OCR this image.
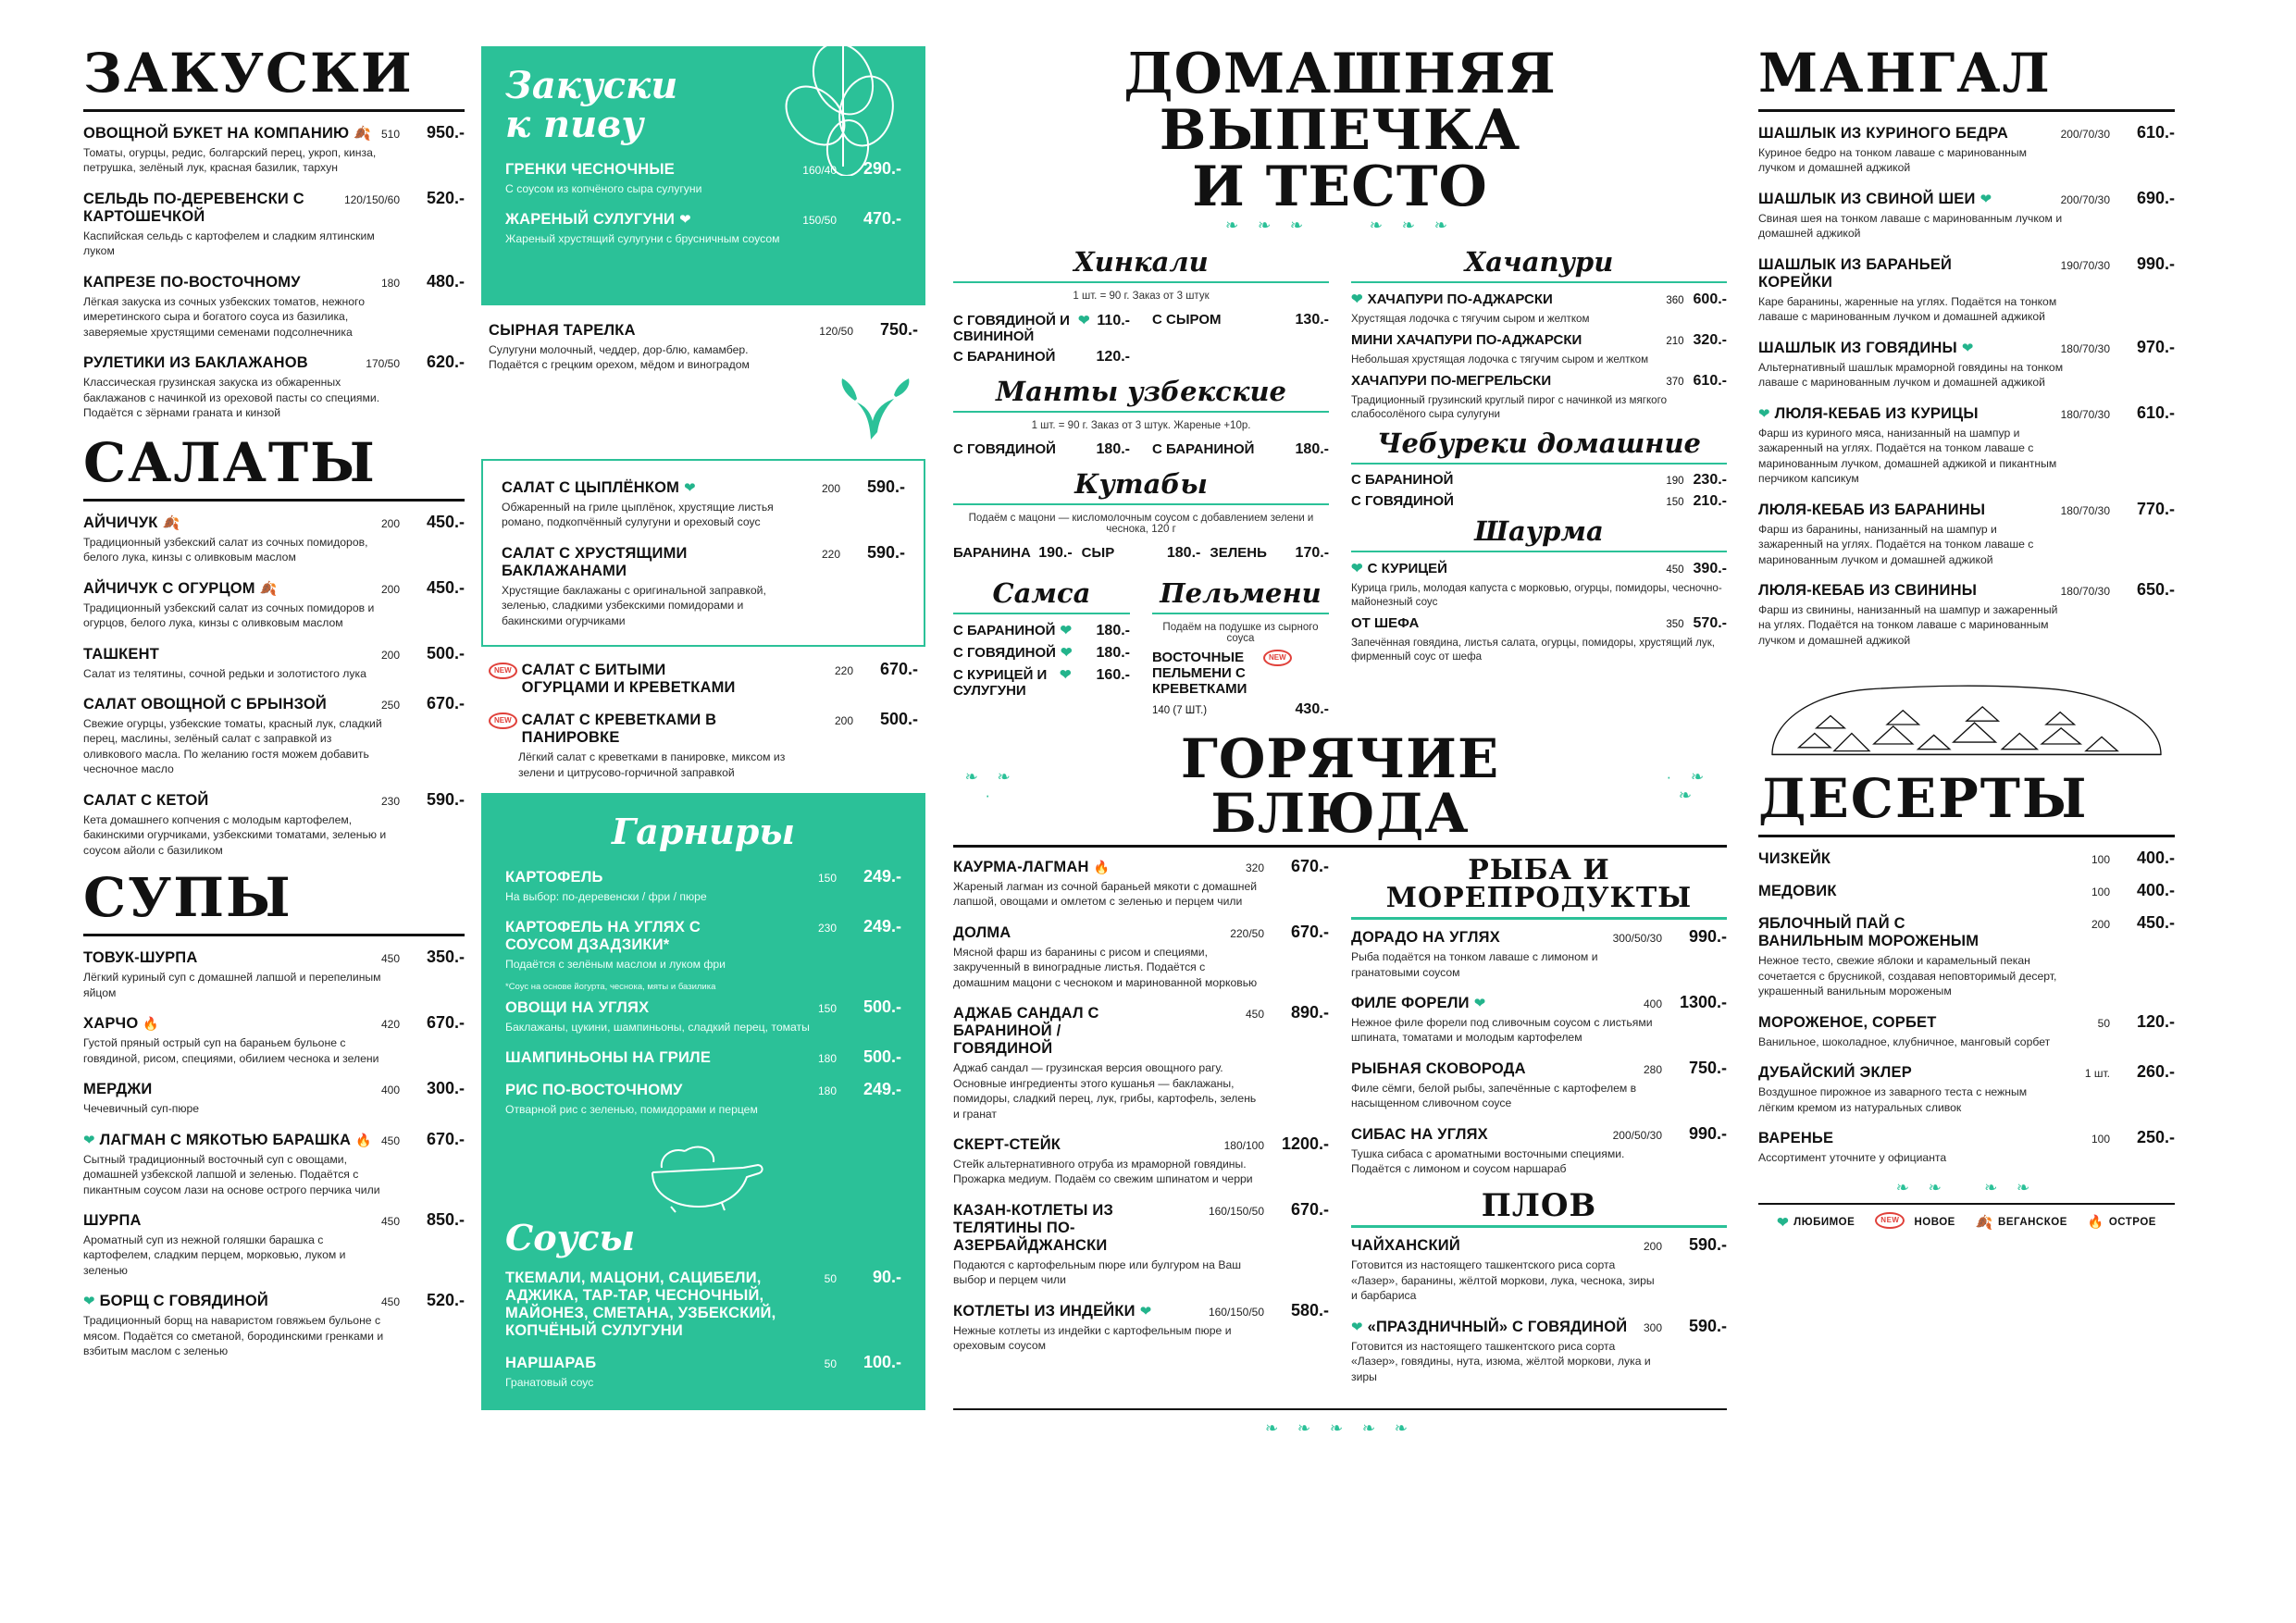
ЗАКУСКИ
ОВОЩНОЙ БУКЕТ НА КОМПАНИЮ 🍂 510	950.-
Томаты, огурцы, редис, болгарский перец, укроп, кинза, петрушка, зелёный лук, красная базилик, тархун
СЕЛЬДЬ ПО-ДЕРЕВЕНСКИ С КАРТОШЕЧКОЙ
120/150/60	520.-
Каспийская сельдь с картофелем и сладким ялтинским луком
КАПРЕЗЕ ПО-ВОСТОЧНОМУ	180	480.-
Лёгкая закуска из сочных узбекских томатов, нежного имеретинского сыра и богатого соуса из базилика, заверяемые хрустящими семенами подсолнечника
РУЛЕТИКИ ИЗ БАКЛАЖАНОВ	170/50	620.-
Классическая грузинская закуска из обжаренных баклажанов с начинкой из ореховой пасты со специями. Подаётся с зёрнами граната и кинзой
САЛАТЫ
АЙЧИЧУК 🍂	200	450.-
Традиционный узбекский салат из сочных помидоров, белого лука, кинзы с оливковым маслом
АЙЧИЧУК С ОГУРЦОМ 🍂	200	450.-
Традиционный узбекский салат из сочных помидоров и огурцов, белого лука, кинзы с оливковым маслом
ТАШКЕНТ	200	500.-
Салат из телятины, сочной редьки и золотистого лука
САЛАТ ОВОЩНОЙ С БРЫНЗОЙ	250	670.-
Свежие огурцы, узбекские томаты, красный лук, сладкий перец, маслины, зелёный салат с заправкой из оливкового масла. По желанию гостя можем добавить чесночное масло
САЛАТ С КЕТОЙ	230	590.-
Кета домашнего копчения с молодым картофелем, бакинскими огурчиками, узбекскими томатами, зеленью и соусом айоли с базиликом
СУПЫ
ТОВУК-ШУРПА	450	350.-
Лёгкий куриный суп с домашней лапшой и перепелиным яйцом
ХАРЧО 🔥	420	670.-
Густой пряный острый суп на бараньем бульоне с говядиной, рисом, специями, обилием чеснока и зелени
МЕРДЖИ	400	300.-
Чечевичный суп-пюре
❤ ЛАГМАН С МЯКОТЬЮ БАРАШКА 🔥 450	670.-
Сытный традиционный восточный суп с овощами, домашней узбекской лапшой и зеленью. Подаётся с пикантным соусом лази на основе острого перчика чили
ШУРПА	450	850.-
Ароматный суп из нежной голяшки барашка с картофелем, сладким перцем, морковью, луком и зеленью
❤ БОРЩ С ГОВЯДИНОЙ	450	520.-
Традиционный борщ на наваристом говяжьем бульоне с мясом. Подаётся со сметаной, бородинскими гренками и взбитым маслом с зеленью
Закуски
к пиву
ГРЕНКИ ЧЕСНОЧНЫЕ	160/40	290.-
С соусом из копчёного сыра сулугуни
ЖАРЕНЫЙ СУЛУГУНИ ❤	150/50	470.-
Жареный хрустящий сулугуни с брусничным соусом
СЫРНАЯ ТАРЕЛКА	120/50	750.-
Сулугуни молочный, чеддер, дор-блю, камамбер. Подаётся с грецким орехом, мёдом и виноградом
САЛАТ С ЦЫПЛЁНКОМ ❤	200	590.-
Обжаренный на гриле цыплёнок, хрустящие листья романо, подкопчённый сулугуни и ореховый соус
САЛАТ С ХРУСТЯЩИМИ БАКЛАЖАНАМИ
220	590.-
Хрустящие баклажаны с оригинальной заправкой, зеленью, сладкими узбекскими помидорами и бакинскими огурчиками
NEW САЛАТ С БИТЫМИ ОГУРЦАМИ И КРЕВЕТКАМИ
220	670.-
NEW САЛАТ С КРЕВЕТКАМИ В ПАНИРОВКЕ
200	500.-
Лёгкий салат с креветками в панировке, миксом из зелени и цитрусово-горчичной заправкой
Гарниры
КАРТОФЕЛЬ	150	249.-
На выбор: по-деревенски / фри / пюре
КАРТОФЕЛЬ НА УГЛЯХ С СОУСОМ ДЗАДЗИКИ*
230	249.-
Подаётся с зелёным маслом и луком фри
*Соус на основе йогурта, чеснока, мяты и базилика
ОВОЩИ НА УГЛЯХ	150	500.-
Баклажаны, цукини, шампиньоны, сладкий перец, томаты
ШАМПИНЬОНЫ НА ГРИЛЕ	180	500.-
РИС ПО-ВОСТОЧНОМУ	180	249.-
Отварной рис с зеленью, помидорами и перцем
Соусы
ТКЕМАЛИ, МАЦОНИ, САЦИБЕЛИ, АДЖИКА, ТАР-ТАР, ЧЕСНОЧНЫЙ, МАЙОНЕЗ, СМЕТАНА, УЗБЕКСКИЙ, КОПЧЁНЫЙ СУЛУГУНИ
50	90.-
НАРШАРАБ	50	100.-
Гранатовый соус
ДОМАШНЯЯ ВЫПЕЧКА
И ТЕСТО
❧ ❧ ❧     ❧ ❧ ❧
Хинкали
1 шт. = 90 г. Заказ от 3 штук
С ГОВЯДИНОЙ И СВИНИНОЙ
❤ 110.-
С БАРАНИНОЙ	120.-
С СЫРОМ	130.-
Манты узбекские
1 шт. = 90 г. Заказ от 3 штук. Жареные +10р.
С ГОВЯДИНОЙ	180.- С БАРАНИНОЙ	180.-
Кутабы
Подаём с мацони — кисломолочным соусом с добавлением зелени и чеснока, 120 г
БАРАНИНА 190.- СЫР	180.- ЗЕЛЕНЬ 170.-
Самса
С БАРАНИНОЙ ❤ 180.-
С ГОВЯДИНОЙ ❤ 180.-
С КУРИЦЕЙ И СУЛУГУНИ
❤ 160.-
Пельмени
Подаём на подушке из сырного соуса
ВОСТОЧНЫЕ ПЕЛЬМЕНИ С КРЕВЕТКАМИ
NEW
140 (7 ШТ.)	430.-
Хачапури
❤ ХАЧАПУРИ ПО-АДЖАРСКИ	360 600.-
Хрустящая лодочка с тягучим сыром и желтком
МИНИ ХАЧАПУРИ ПО-АДЖАРСКИ	210 320.-
Небольшая хрустящая лодочка с тягучим сыром и желтком
ХАЧАПУРИ ПО-МЕГРЕЛЬСКИ	370 610.-
Традиционный грузинский круглый пирог с начинкой из мягкого слабосолёного сыра сулугуни
Чебуреки домашние
С БАРАНИНОЙ	190 230.-
С ГОВЯДИНОЙ	150 210.-
Шаурма
❤ С КУРИЦЕЙ	450 390.-
Курица гриль, молодая капуста с морковью, огурцы, помидоры, чесночно-майонезный соус
ОТ ШЕФА	350 570.-
Запечённая говядина, листья салата, огурцы, помидоры, хрустящий лук, фирменный соус от шефа
❧ ❧ ·
ГОРЯЧИЕ БЛЮДА
· ❧ ❧
КАУРМА-ЛАГМАН 🔥	320	670.-
Жареный лагман из сочной бараньей мякоти с домашней лапшой, овощами и омлетом с зеленью и перцем чили
ДОЛМА	220/50	670.-
Мясной фарш из баранины с рисом и специями, закрученный в виноградные листья. Подаётся с домашним мацони с чесноком и маринованной морковью
АДЖАБ САНДАЛ С БАРАНИНОЙ / ГОВЯДИНОЙ
450	890.-
Аджаб сандал — грузинская версия овощного рагу. Основные ингредиенты этого кушанья — баклажаны, помидоры, сладкий перец, лук, грибы, картофель, зелень и гранат
СКЕРТ-СТЕЙК	180/100	1200.-
Стейк альтернативного отруба из мраморной говядины. Прожарка медиум. Подаём со свежим шпинатом и черри
КАЗАН-КОТЛЕТЫ ИЗ ТЕЛЯТИНЫ ПО-АЗЕРБАЙДЖАНСКИ
160/150/50	670.-
Подаются с картофельным пюре или булгуром на Ваш выбор и перцем чили
КОТЛЕТЫ ИЗ ИНДЕЙКИ ❤	160/150/50	580.-
Нежные котлеты из индейки с картофельным пюре и ореховым соусом
РЫБА И МОРЕПРОДУКТЫ
ДОРАДО НА УГЛЯХ	300/50/30	990.-
Рыба подаётся на тонком лаваше с лимоном и гранатовыми соусом
ФИЛЕ ФОРЕЛИ ❤	400	1300.-
Нежное филе форели под сливочным соусом с листьями шпината, томатами и молодым картофелем
РЫБНАЯ СКОВОРОДА	280	750.-
Филе сёмги, белой рыбы, запечённые с картофелем в насыщенном сливочном соусе
СИБАС НА УГЛЯХ	200/50/30	990.-
Тушка сибаса с ароматными восточными специями. Подаётся с лимоном и соусом наршараб
ПЛОВ
ЧАЙХАНСКИЙ	200	590.-
Готовится из настоящего ташкентского риса сорта «Лазер», баранины, жёлтой моркови, лука, чеснока, зиры и барбариса
❤ «ПРАЗДНИЧНЫЙ» С ГОВЯДИНОЙ 300	590.-
Готовится из настоящего ташкентского риса сорта «Лазер», говядины, нута, изюма, жёлтой моркови, лука и зиры
❧ ❧ ❧ ❧ ❧
МАНГАЛ
ШАШЛЫК ИЗ КУРИНОГО БЕДРА	200/70/30	610.-
Куриное бедро на тонком лаваше с маринованным лучком и домашней аджикой
ШАШЛЫК ИЗ СВИНОЙ ШЕИ ❤	200/70/30	690.-
Свиная шея на тонком лаваше с маринованным лучком и домашней аджикой
ШАШЛЫК ИЗ БАРАНЬЕЙ КОРЕЙКИ
190/70/30	990.-
Каре баранины, жаренные на углях. Подаётся на тонком лаваше с маринованным лучком и домашней аджикой
ШАШЛЫК ИЗ ГОВЯДИНЫ ❤	180/70/30	970.-
Альтернативный шашлык мраморной говядины на тонком лаваше с маринованным лучком и домашней аджикой
❤ ЛЮЛЯ-КЕБАБ ИЗ КУРИЦЫ	180/70/30	610.-
Фарш из куриного мяса, нанизанный на шампур и зажаренный на углях. Подаётся на тонком лаваше с маринованным лучком, домашней аджикой и пикантным перчиком капсикум
ЛЮЛЯ-КЕБАБ ИЗ БАРАНИНЫ	180/70/30	770.-
Фарш из баранины, нанизанный на шампур и зажаренный на углях. Подаётся на тонком лаваше с маринованным лучком и домашней аджикой
ЛЮЛЯ-КЕБАБ ИЗ СВИНИНЫ	180/70/30	650.-
Фарш из свинины, нанизанный на шампур и зажаренный на углях. Подаётся на тонком лаваше с маринованным лучком и домашней аджикой
ДЕСЕРТЫ
ЧИЗКЕЙК	100	400.-
МЕДОВИК	100	400.-
ЯБЛОЧНЫЙ ПАЙ С ВАНИЛЬНЫМ МОРОЖЕНЫМ
200	450.-
Нежное тесто, свежие яблоки и карамельный пекан сочетается с брусникой, создавая неповторимый десерт, украшенный ванильным мороженым
МОРОЖЕНОЕ, СОРБЕТ	50	120.-
Ванильное, шоколадное, клубничное, манговый сорбет
ДУБАЙСКИЙ ЭКЛЕР	1 шт.	260.-
Воздушное пирожное из заварного теста с нежным лёгким кремом из натуральных сливок
ВАРЕНЬЕ	100	250.-
Ассортимент уточните у официанта
❧ ❧   ❧ ❧
❤ ЛЮБИМОЕ	NEW	НОВОЕ 🍂 ВЕГАНСКОЕ 🔥 ОСТРОЕ
